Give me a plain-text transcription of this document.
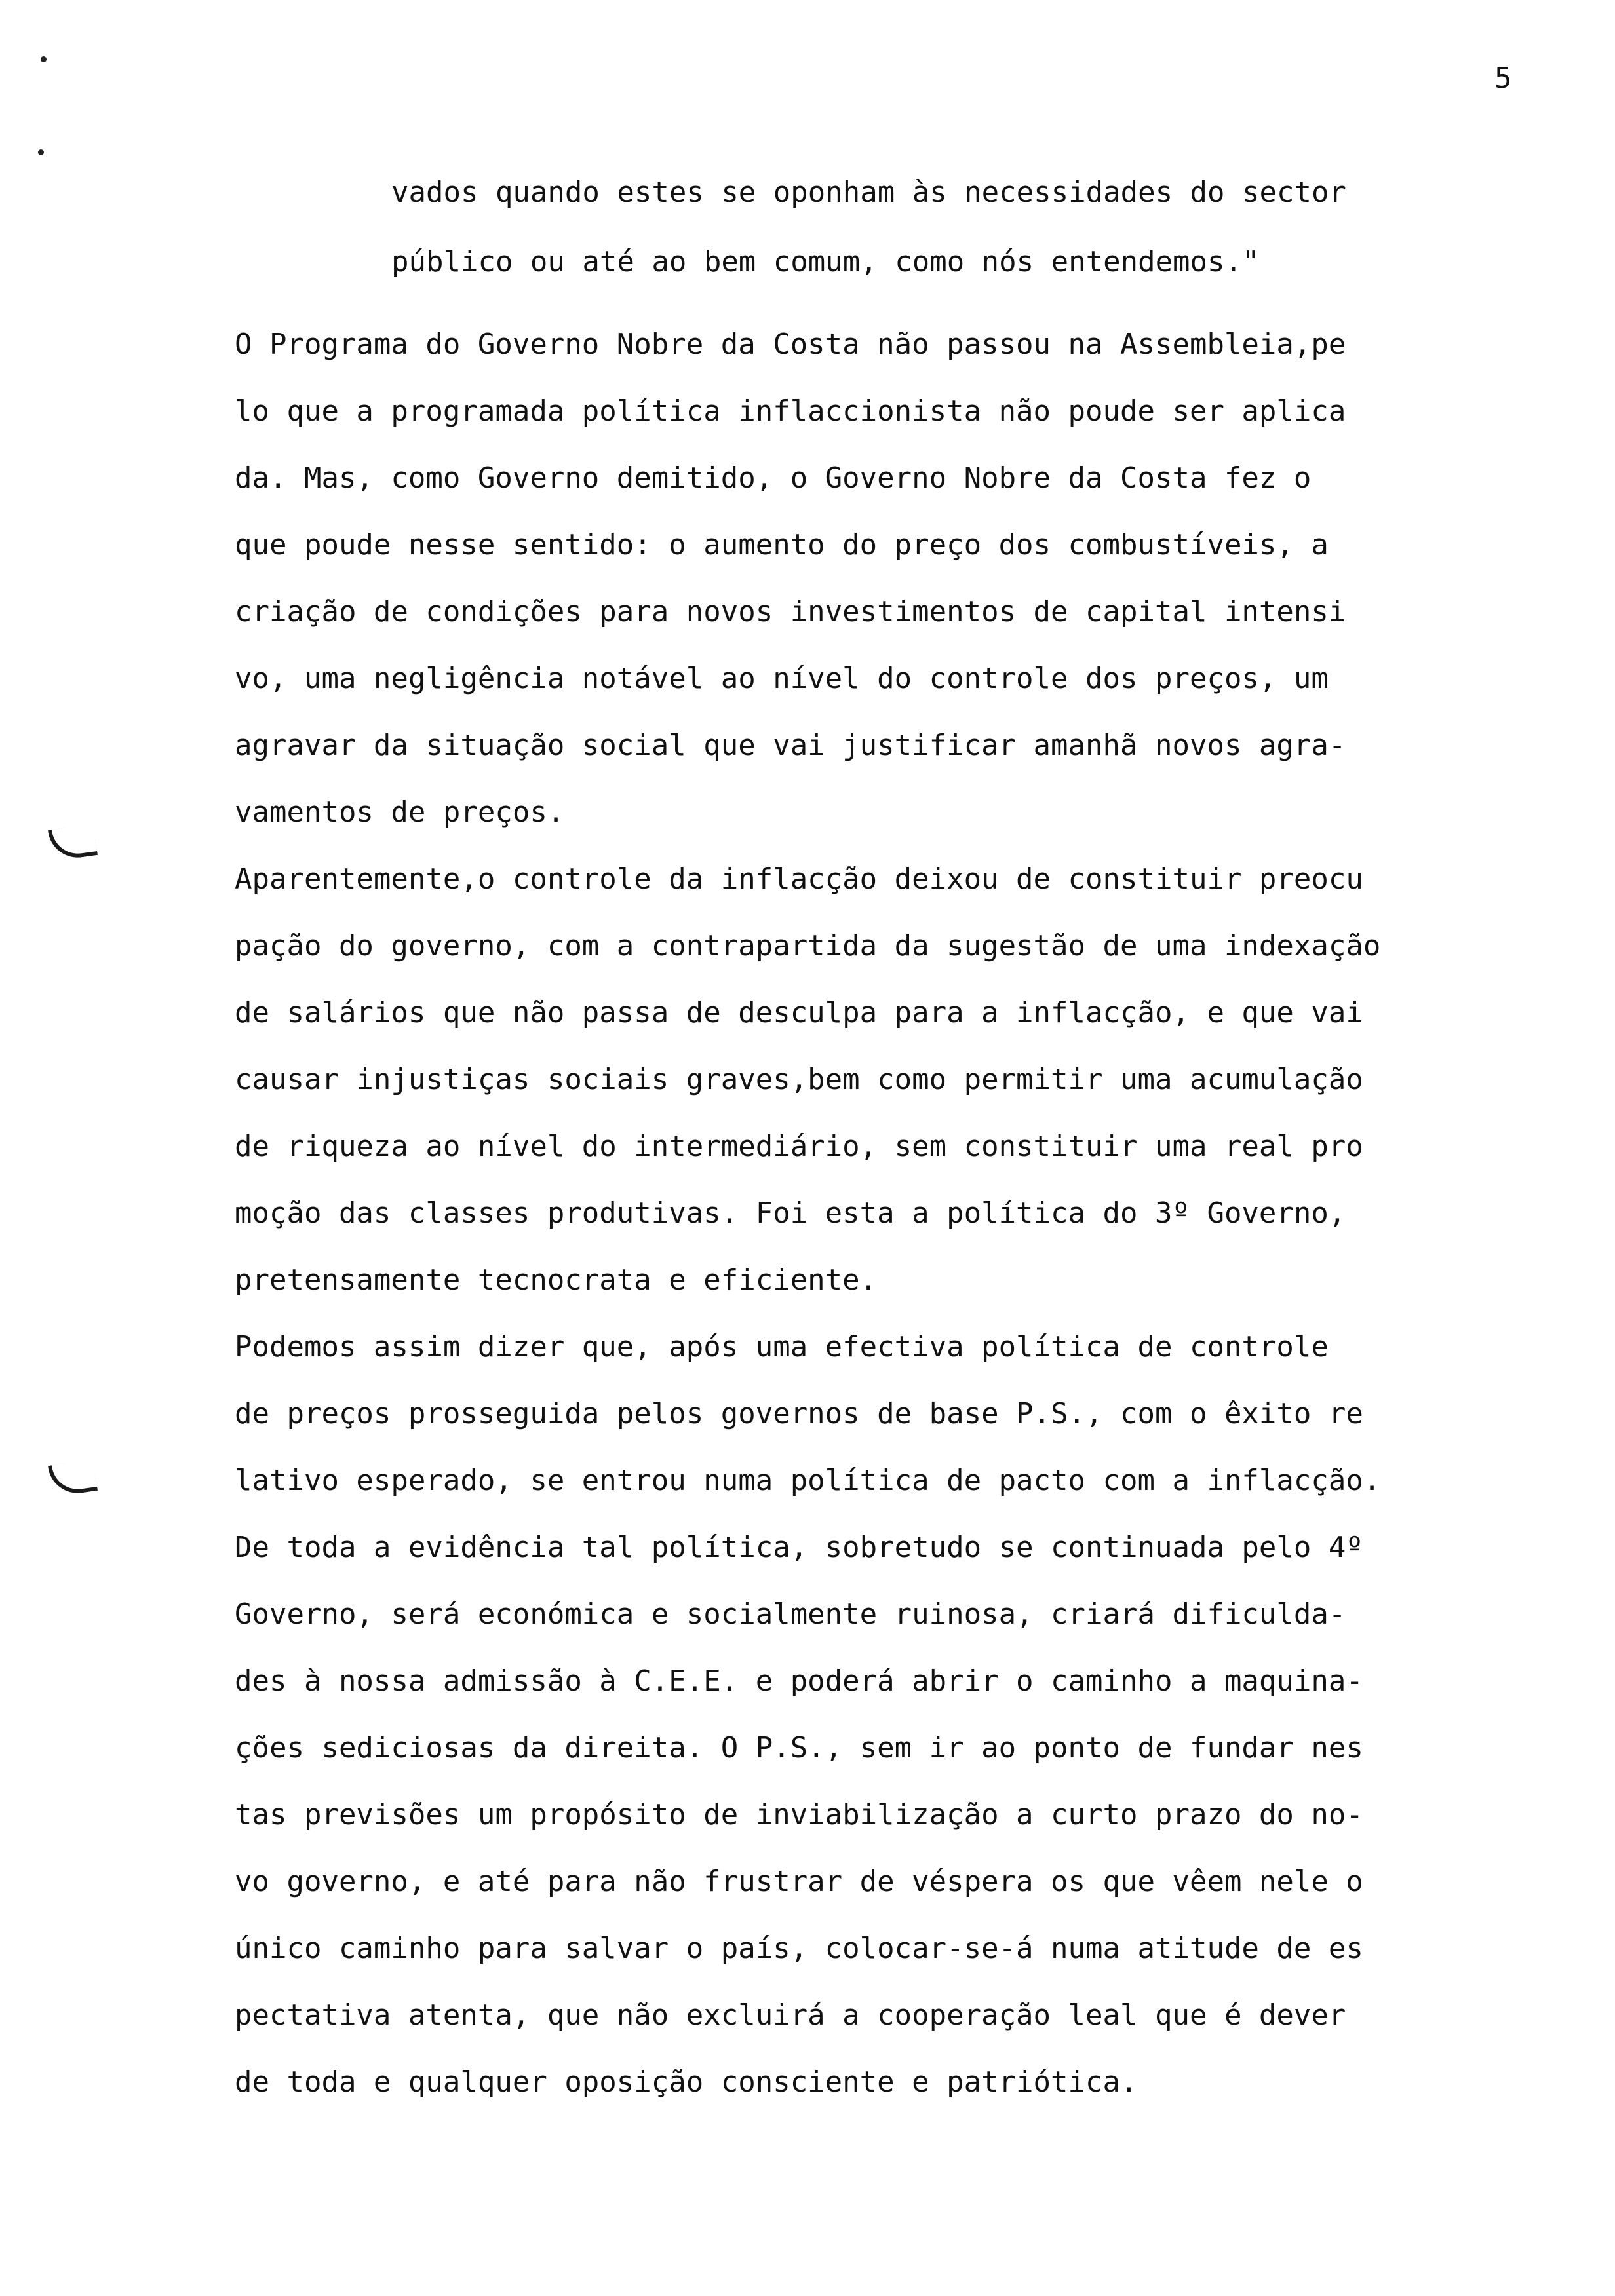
5
vados quando estes se oponham às necessidades do sector
público ou até ao bem comum, como nós entendemos."
O Programa do Governo Nobre da Costa não passou na Assembleia,pe
lo que a programada política inflaccionista não poude ser aplica
da. Mas, como Governo demitido, o Governo Nobre da Costa fez o
que poude nesse sentido: o aumento do preço dos combustíveis, a
criação de condições para novos investimentos de capital intensi
vo, uma negligência notável ao nível do controle dos preços, um
agravar da situação social que vai justificar amanhã novos agra-
vamentos de preços.
Aparentemente,o controle da inflacção deixou de constituir preocu
pação do governo, com a contrapartida da sugestão de uma indexação
de salários que não passa de desculpa para a inflacção, e que vai
causar injustiças sociais graves,bem como permitir uma acumulação
de riqueza ao nível do intermediário, sem constituir uma real pro
moção das classes produtivas. Foi esta a política do 3º Governo,
pretensamente tecnocrata e eficiente.
Podemos assim dizer que, após uma efectiva política de controle
de preços prosseguida pelos governos de base P.S., com o êxito re
lativo esperado, se entrou numa política de pacto com a inflacção.
De toda a evidência tal política, sobretudo se continuada pelo 4º
Governo, será económica e socialmente ruinosa, criará dificulda-
des à nossa admissão à C.E.E. e poderá abrir o caminho a maquina-
ções sediciosas da direita. O P.S., sem ir ao ponto de fundar nes
tas previsões um propósito de inviabilização a curto prazo do no-
vo governo, e até para não frustrar de véspera os que vêem nele o
único caminho para salvar o país, colocar-se-á numa atitude de es
pectativa atenta, que não excluirá a cooperação leal que é dever
de toda e qualquer oposição consciente e patriótica.
